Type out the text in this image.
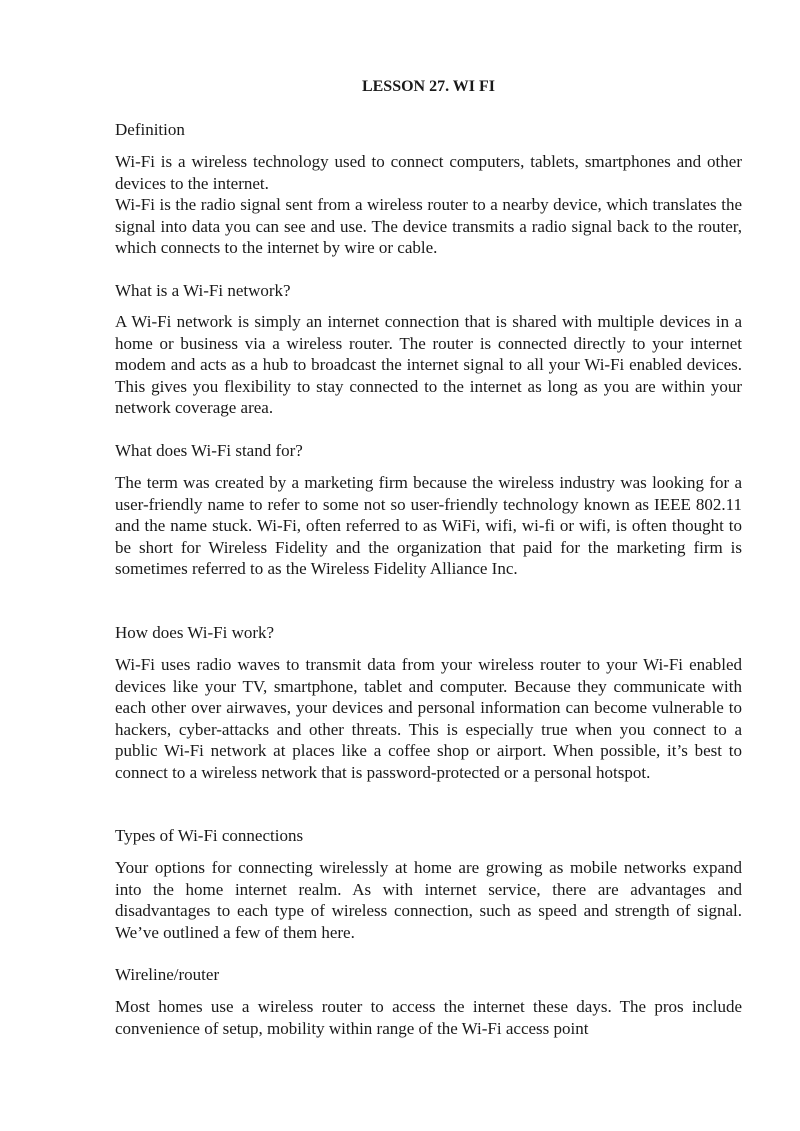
LESSON 27. WI FI

Definition

Wi-Fi is a wireless technology used to connect computers, tablets, smartphones and other devices to the internet.

Wi-Fi is the radio signal sent from a wireless router to a nearby device, which translates the signal into data you can see and use. The device transmits a radio signal back to the router, which connects to the internet by wire or cable.

What is a Wi-Fi network?

A Wi-Fi network is simply an internet connection that is shared with multiple devices in a home or business via a wireless router. The router is connected directly to your internet modem and acts as a hub to broadcast the internet signal to all your Wi-Fi enabled devices. This gives you flexibility to stay connected to the internet as long as you are within your network coverage area.

What does Wi-Fi stand for?

The term was created by a marketing firm because the wireless industry was looking for a user-friendly name to refer to some not so user-friendly technology known as IEEE 802.11 and the name stuck. Wi-Fi, often referred to as WiFi, wifi, wi-fi or wifi, is often thought to be short for Wireless Fidelity and the organization that paid for the marketing firm is sometimes referred to as the Wireless Fidelity Alliance Inc.

How does Wi-Fi work?

Wi-Fi uses radio waves to transmit data from your wireless router to your Wi-Fi enabled devices like your TV, smartphone, tablet and computer. Because they communicate with each other over airwaves, your devices and personal information can become vulnerable to hackers, cyber-attacks and other threats. This is especially true when you connect to a public Wi-Fi network at places like a coffee shop or airport. When possible, it’s best to connect to a wireless network that is password-protected or a personal hotspot.

Types of Wi-Fi connections

Your options for connecting wirelessly at home are growing as mobile networks expand into the home internet realm. As with internet service, there are advantages and disadvantages to each type of wireless connection, such as speed and strength of signal. We’ve outlined a few of them here.

Wireline/router

Most homes use a wireless router to access the internet these days. The pros include convenience of setup, mobility within range of the Wi-Fi access point
